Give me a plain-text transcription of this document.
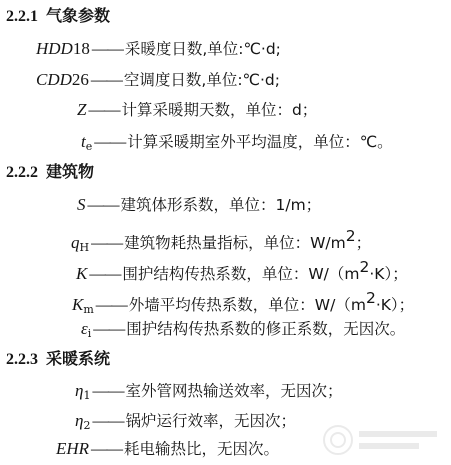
2.2.1 气象参数
HDD18 —— 采暖度日数,单位:℃·d;
CDD26 —— 空调度日数,单位:℃·d;
Z —— 计算采暖期天数，单位：d；
$t_e$ —— 计算采暖期室外平均温度，单位：℃。
2.2.2 建筑物
S —— 建筑体形系数，单位：1/m；
$q_H$ —— 建筑物耗热量指标，单位：W/m2；
K —— 围护结构传热系数，单位：W/（m2·K）；
$K_m$ —— 外墙平均传热系数，单位：W/（m2·K）；
$\varepsilon_i$ —— 围护结构传热系数的修正系数，无因次。
2.2.3 采暖系统
$\eta_1$ —— 室外管网热输送效率，无因次；
$\eta_2$ —— 锅炉运行效率，无因次；
EHR —— 耗电输热比，无因次。
